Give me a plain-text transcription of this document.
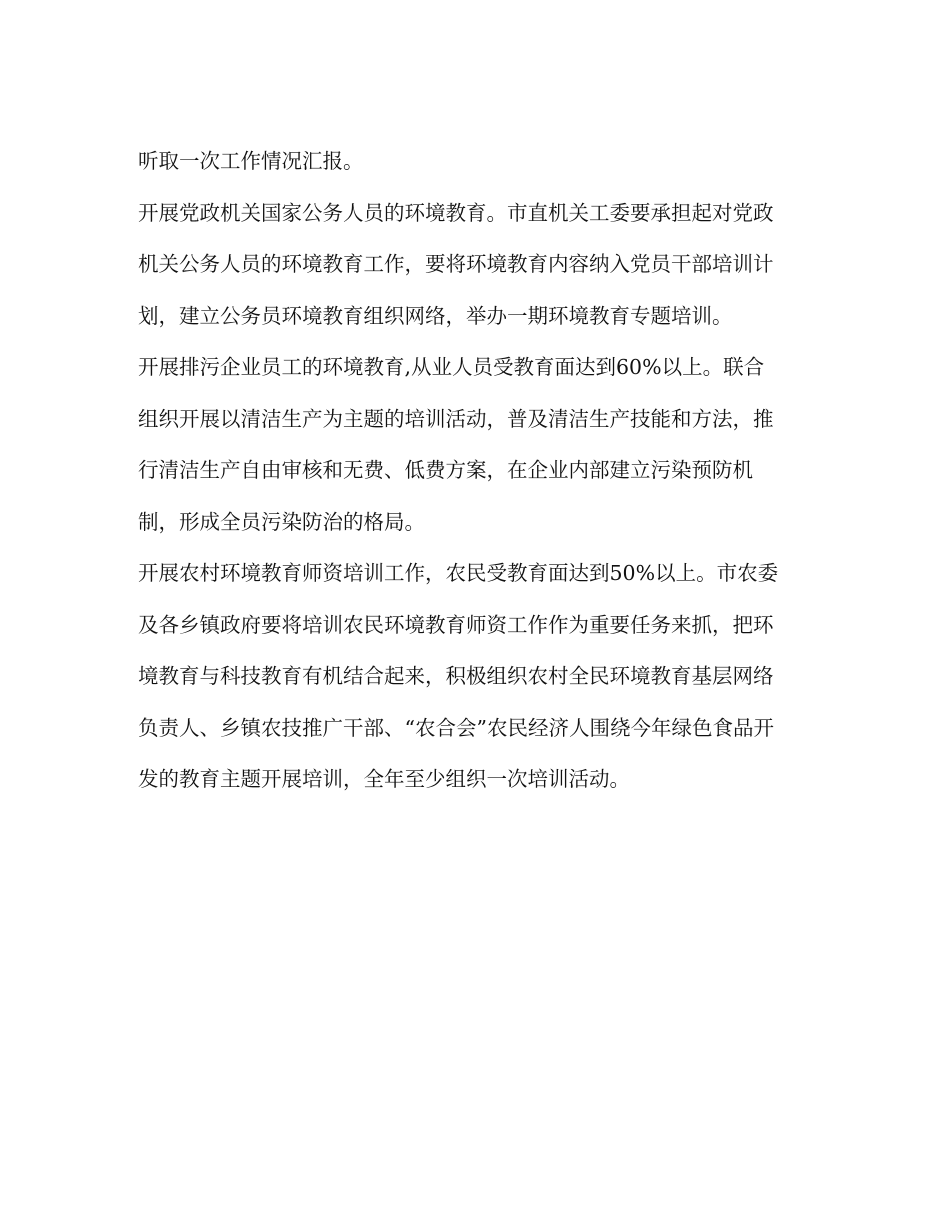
听取一次工作情况汇报。
开展党政机关国家公务人员的环境教育。市直机关工委要承担起对党政
机关公务人员的环境教育工作，要将环境教育内容纳入党员干部培训计
划，建立公务员环境教育组织网络，举办一期环境教育专题培训。
开展排污企业员工的环境教育,从业人员受教育面达到60%以上。联合
组织开展以清洁生产为主题的培训活动，普及清洁生产技能和方法，推
行清洁生产自由审核和无费、低费方案，在企业内部建立污染预防机
制，形成全员污染防治的格局。
开展农村环境教育师资培训工作，农民受教育面达到50%以上。市农委
及各乡镇政府要将培训农民环境教育师资工作作为重要任务来抓，把环
境教育与科技教育有机结合起来，积极组织农村全民环境教育基层网络
负责人、乡镇农技推广干部、“农合会”农民经济人围绕今年绿色食品开
发的教育主题开展培训，全年至少组织一次培训活动。
